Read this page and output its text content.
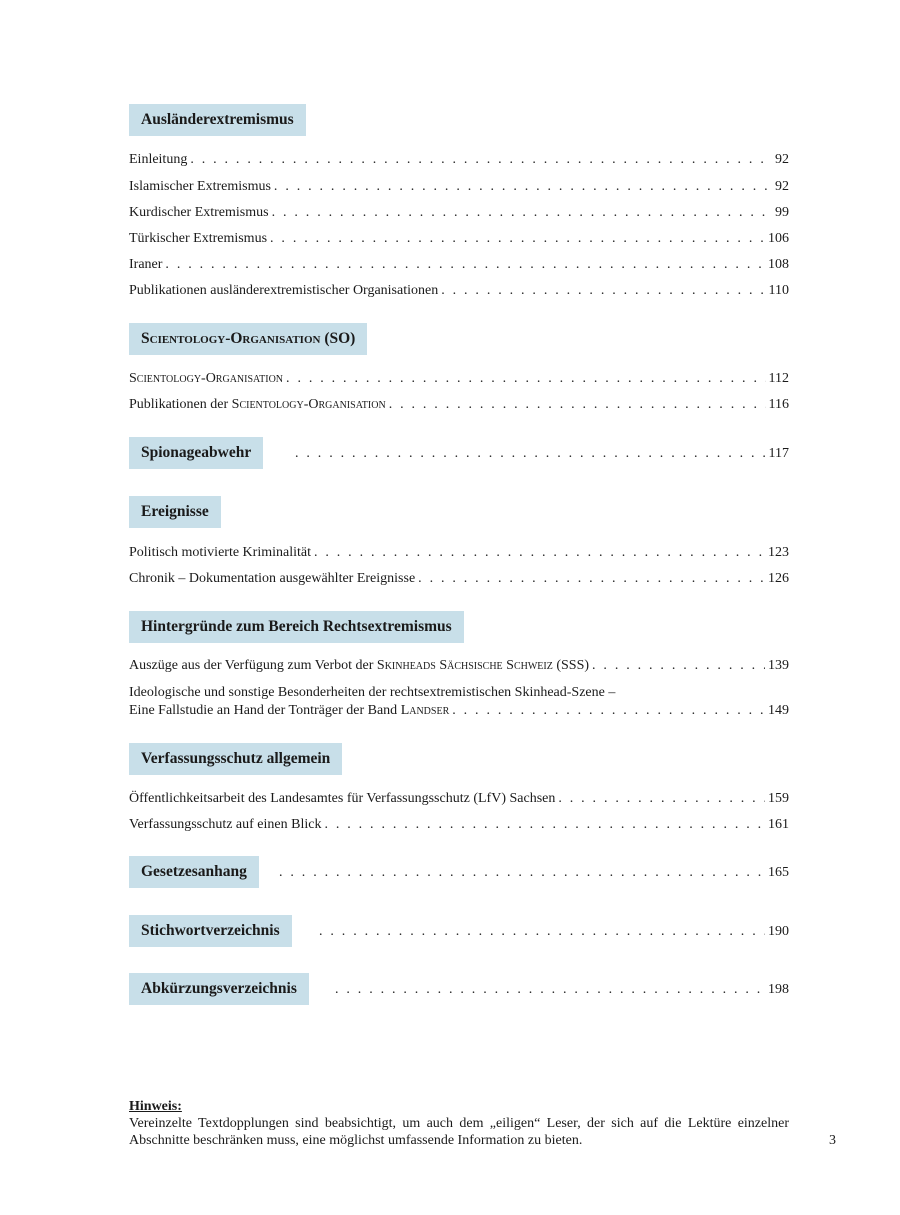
Ausländerextremismus
Einleitung . . .	92
Islamischer Extremismus . . .	92
Kurdischer Extremismus . . .	99
Türkischer Extremismus . . .	106
Iraner . . .	108
Publikationen ausländerextremistischer Organisationen . . .	110
Scientology-Organisation (SO)
Scientology-Organisation . . .	112
Publikationen der Scientology-Organisation . . .	116
Spionageabwehr . . .	117
Ereignisse
Politisch motivierte Kriminalität . . .	123
Chronik – Dokumentation ausgewählter Ereignisse . . .	126
Hintergründe zum Bereich Rechtsextremismus
Auszüge aus der Verfügung zum Verbot der Skinheads Sächsische Schweiz (SSS) . . .	139
Ideologische und sonstige Besonderheiten der rechtsextremistischen Skinhead-Szene –
Eine Fallstudie an Hand der Tonträger der Band Landser . . .	149
Verfassungsschutz allgemein
Öffentlichkeitsarbeit des Landesamtes für Verfassungsschutz (LfV) Sachsen . . .	159
Verfassungsschutz auf einen Blick . . .	161
Gesetzesanhang . . .	165
Stichwortverzeichnis . . .	190
Abkürzungsverzeichnis . . .	198
Hinweis:
Vereinzelte Textdopplungen sind beabsichtigt, um auch dem „eiligen“ Leser, der sich auf die Lektüre einzelner Abschnitte beschränken muss, eine möglichst umfassende Information zu bieten.	3
